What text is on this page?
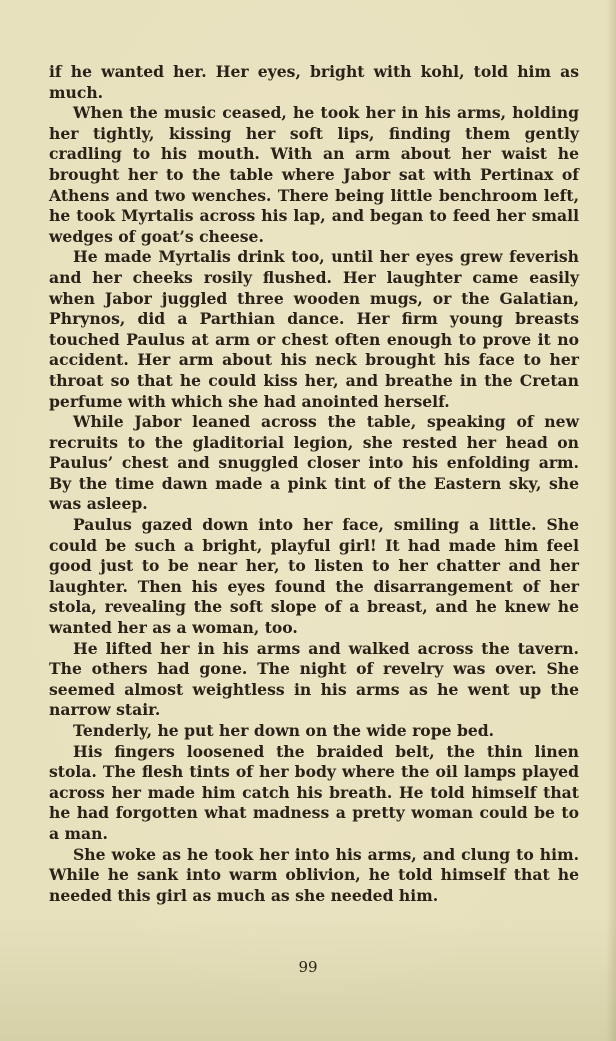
if he wanted her. Her eyes, bright with kohl, told him as much.

When the music ceased, he took her in his arms, holding her tightly, kissing her soft lips, finding them gently cradling to his mouth. With an arm about her waist he brought her to the table where Jabor sat with Pertinax of Athens and two wenches. There being little benchroom left, he took Myrtalis across his lap, and began to feed her small wedges of goat’s cheese.

He made Myrtalis drink too, until her eyes grew feverish and her cheeks rosily flushed. Her laughter came easily when Jabor juggled three wooden mugs, or the Galatian, Phrynos, did a Parthian dance. Her firm young breasts touched Paulus at arm or chest often enough to prove it no accident. Her arm about his neck brought his face to her throat so that he could kiss her, and breathe in the Cretan perfume with which she had anointed herself.

While Jabor leaned across the table, speaking of new recruits to the gladitorial legion, she rested her head on Paulus’ chest and snuggled closer into his enfolding arm. By the time dawn made a pink tint of the Eastern sky, she was asleep.

Paulus gazed down into her face, smiling a little. She could be such a bright, playful girl! It had made him feel good just to be near her, to listen to her chatter and her laughter. Then his eyes found the disarrangement of her stola, revealing the soft slope of a breast, and he knew he wanted her as a woman, too.

He lifted her in his arms and walked across the tavern. The others had gone. The night of revelry was over. She seemed almost weightless in his arms as he went up the narrow stair.

Tenderly, he put her down on the wide rope bed.

His fingers loosened the braided belt, the thin linen stola. The flesh tints of her body where the oil lamps played across her made him catch his breath. He told himself that he had forgotten what madness a pretty woman could be to a man.

She woke as he took her into his arms, and clung to him. While he sank into warm oblivion, he told himself that he needed this girl as much as she needed him.

99
